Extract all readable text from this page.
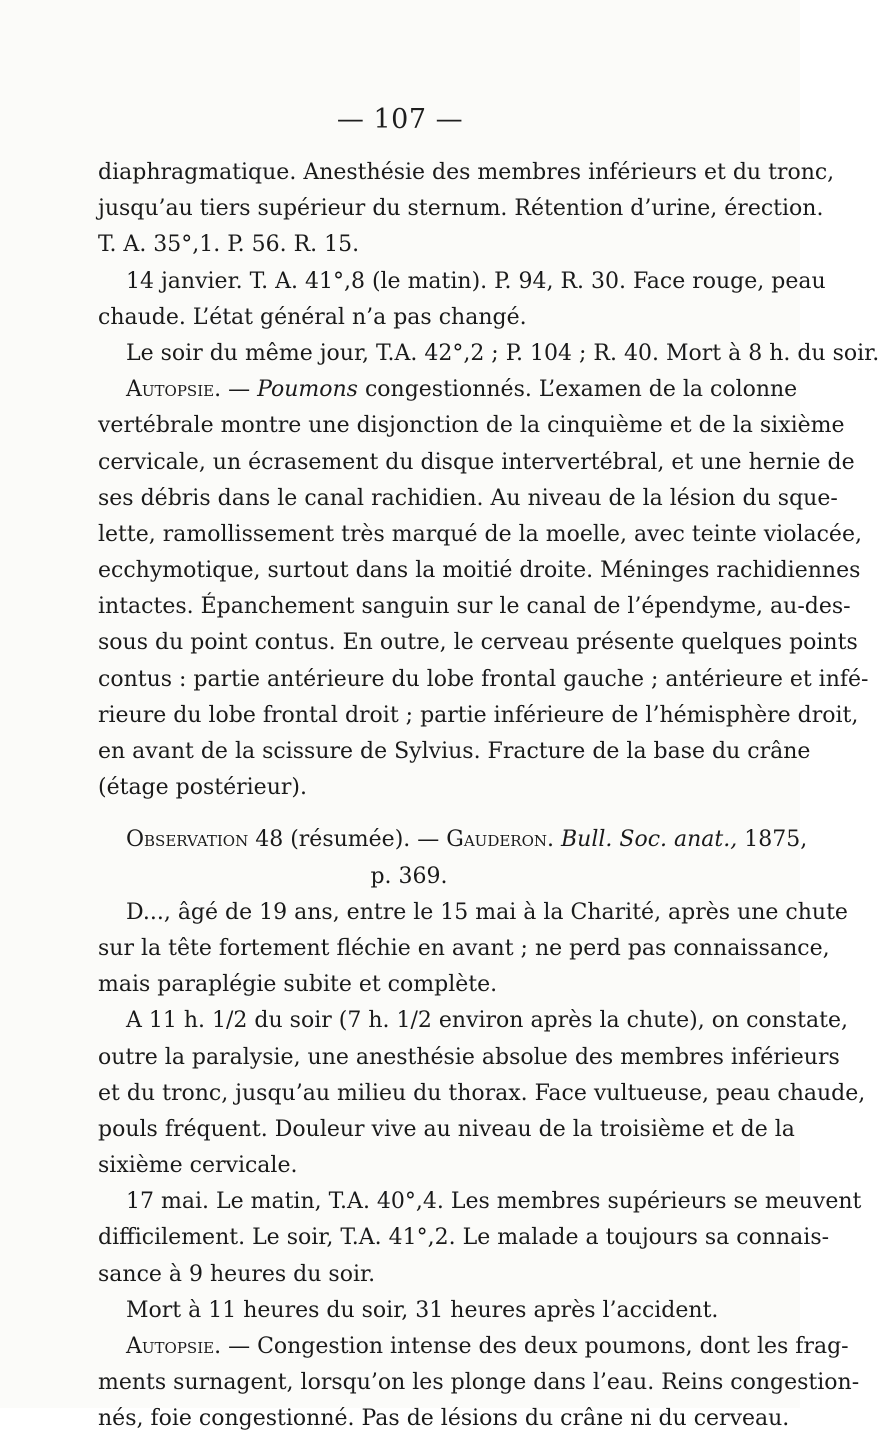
— 107 —
diaphragmatique. Anesthésie des membres inférieurs et du tronc,
jusqu’au tiers supérieur du sternum. Rétention d’urine, érection.
T. A. 35°,1. P. 56. R. 15.
14 janvier. T. A. 41°,8 (le matin). P. 94, R. 30. Face rouge, peau
chaude. L’état général n’a pas changé.
Le soir du même jour, T.A. 42°,2 ; P. 104 ; R. 40. Mort à 8 h. du soir.
Autopsie. — Poumons congestionnés. L’examen de la colonne
vertébrale montre une disjonction de la cinquième et de la sixième
cervicale, un écrasement du disque intervertébral, et une hernie de
ses débris dans le canal rachidien. Au niveau de la lésion du sque-
lette, ramollissement très marqué de la moelle, avec teinte violacée,
ecchymotique, surtout dans la moitié droite. Méninges rachidiennes
intactes. Épanchement sanguin sur le canal de l’épendyme, au-des-
sous du point contus. En outre, le cerveau présente quelques points
contus : partie antérieure du lobe frontal gauche ; antérieure et infé-
rieure du lobe frontal droit ; partie inférieure de l’hémisphère droit,
en avant de la scissure de Sylvius. Fracture de la base du crâne
(étage postérieur).
Observation 48 (résumée). — Gauderon. Bull. Soc. anat., 1875,
p. 369.
D..., âgé de 19 ans, entre le 15 mai à la Charité, après une chute
sur la tête fortement fléchie en avant ; ne perd pas connaissance,
mais paraplégie subite et complète.
A 11 h. 1/2 du soir (7 h. 1/2 environ après la chute), on constate,
outre la paralysie, une anesthésie absolue des membres inférieurs
et du tronc, jusqu’au milieu du thorax. Face vultueuse, peau chaude,
pouls fréquent. Douleur vive au niveau de la troisième et de la
sixième cervicale.
17 mai. Le matin, T.A. 40°,4. Les membres supérieurs se meuvent
difficilement. Le soir, T.A. 41°,2. Le malade a toujours sa connais-
sance à 9 heures du soir.
Mort à 11 heures du soir, 31 heures après l’accident.
Autopsie. — Congestion intense des deux poumons, dont les frag-
ments surnagent, lorsqu’on les plonge dans l’eau. Reins congestion-
nés, foie congestionné. Pas de lésions du crâne ni du cerveau.
